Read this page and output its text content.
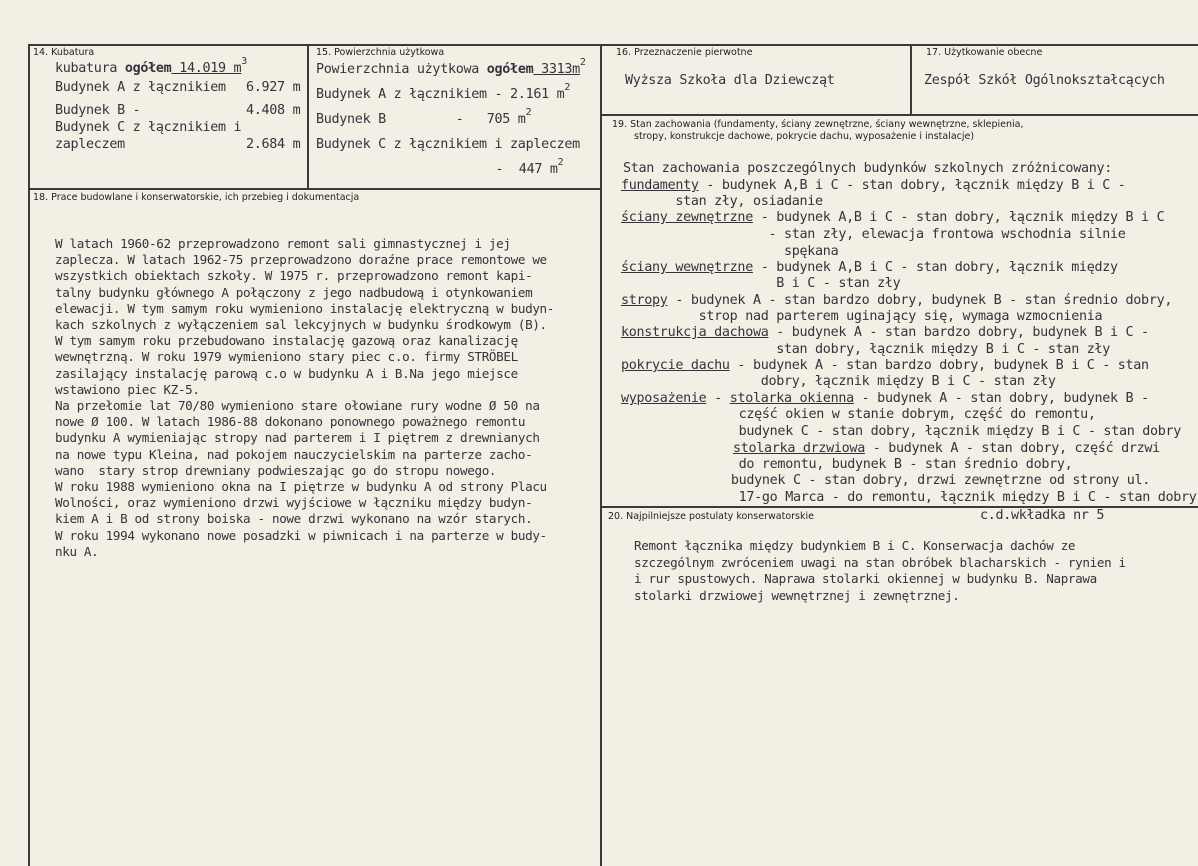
14. Kubatura
kubatura ogółem 14.019 $m^3$
Budynek A z łącznikiem 6.927 m
Budynek B -	4.408 m
Budynek C z łącznikiem i
zapleczem	2.684 m
15. Powierzchnia użytkowa
Powierzchnia użytkowa ogółem $3313m^2$
Budynek A z łącznikiem - 2.161 $m^2$
Budynek B         -   705 $m^2$
Budynek C z łącznikiem i zapleczem
-  447 $m^2$
16. Przeznaczenie pierwotne
Wyższa Szkoła dla Dziewcząt
17. Użytkowanie obecne
Zespół Szkół Ogólnokształcących
18. Prace budowlane i konserwatorskie, ich przebieg i dokumentacja
W latach 1960-62 przeprowadzono remont sali gimnastycznej i jej
zaplecza. W latach 1962-75 przeprowadzono doraźne prace remontowe we
wszystkich obiektach szkoły. W 1975 r. przeprowadzono remont kapi-
talny budynku głównego A połączony z jego nadbudową i otynkowaniem
elewacji. W tym samym roku wymieniono instalację elektryczną w budyn-
kach szkolnych z wyłączeniem sal lekcyjnych w budynku środkowym (B).
W tym samym roku przebudowano instalację gazową oraz kanalizację
wewnętrzną. W roku 1979 wymieniono stary piec c.o. firmy STRÖBEL
zasilający instalację parową c.o w budynku A i B.Na jego miejsce
wstawiono piec KZ-5.
Na przełomie lat 70/80 wymieniono stare ołowiane rury wodne Ø 50 na
nowe Ø 100. W latach 1986-88 dokonano ponownego poważnego remontu
budynku A wymieniając stropy nad parterem i I piętrem z drewnianych
na nowe typu Kleina, nad pokojem nauczycielskim na parterze zacho-
wano  stary strop drewniany podwieszając go do stropu nowego.
W roku 1988 wymieniono okna na I piętrze w budynku A od strony Placu
Wolności, oraz wymieniono drzwi wyjściowe w łączniku między budyn-
kiem A i B od strony boiska - nowe drzwi wykonano na wzór starych.
W roku 1994 wykonano nowe posadzki w piwnicach i na parterze w budy-
nku A.
19. Stan zachowania (fundamenty, ściany zewnętrzne, ściany wewnętrzne, sklepienia,
stropy, konstrukcje dachowe, pokrycie dachu, wyposażenie i instalacje)
Stan zachowania poszczególnych budynków szkolnych zróżnicowany:
fundamenty - budynek A,B i C - stan dobry, łącznik między B i C -
stan zły, osiadanie
ściany zewnętrzne - budynek A,B i C - stan dobry, łącznik między B i C
- stan zły, elewacja frontowa wschodnia silnie
spękana
ściany wewnętrzne - budynek A,B i C - stan dobry, łącznik między
B i C - stan zły
stropy - budynek A - stan bardzo dobry, budynek B - stan średnio dobry,
strop nad parterem uginający się, wymaga wzmocnienia
konstrukcja dachowa - budynek A - stan bardzo dobry, budynek B i C -
stan dobry, łącznik między B i C - stan zły
pokrycie dachu - budynek A - stan bardzo dobry, budynek B i C - stan
dobry, łącznik między B i C - stan zły
wyposażenie - stolarka okienna - budynek A - stan dobry, budynek B -
część okien w stanie dobrym, część do remontu,
budynek C - stan dobry, łącznik między B i C - stan dobry
stolarka drzwiowa - budynek A - stan dobry, część drzwi
do remontu, budynek B - stan średnio dobry,
budynek C - stan dobry, drzwi zewnętrzne od strony ul.
17-go Marca - do remontu, łącznik między B i C - stan dobry
20. Najpilniejsze postulaty konserwatorskie	c.d.wkładka nr 5
Remont łącznika między budynkiem B i C. Konserwacja dachów ze
szczególnym zwróceniem uwagi na stan obróbek blacharskich - rynien i
i rur spustowych. Naprawa stolarki okiennej w budynku B. Naprawa
stolarki drzwiowej wewnętrznej i zewnętrznej.
